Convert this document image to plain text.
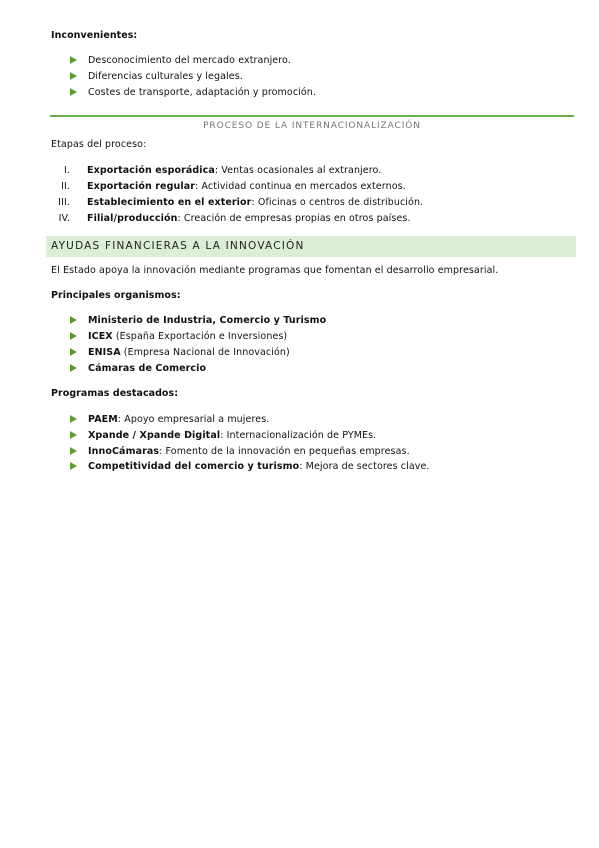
Inconvenientes:
Desconocimiento del mercado extranjero.
Diferencias culturales y legales.
Costes de transporte, adaptación y promoción.
PROCESO DE LA INTERNACIONALIZACIÓN
Etapas del proceso:
I. Exportación esporádica: Ventas ocasionales al extranjero.
II. Exportación regular: Actividad continua en mercados externos.
III. Establecimiento en el exterior: Oficinas o centros de distribución.
IV. Filial/producción: Creación de empresas propias en otros países.
AYUDAS FINANCIERAS A LA INNOVACIÓN
El Estado apoya la innovación mediante programas que fomentan el desarrollo empresarial.
Principales organismos:
Ministerio de Industria, Comercio y Turismo
ICEX (España Exportación e Inversiones)
ENISA (Empresa Nacional de Innovación)
Cámaras de Comercio
Programas destacados:
PAEM: Apoyo empresarial a mujeres.
Xpande / Xpande Digital: Internacionalización de PYMEs.
InnoCámaras: Fomento de la innovación en pequeñas empresas.
Competitividad del comercio y turismo: Mejora de sectores clave.
